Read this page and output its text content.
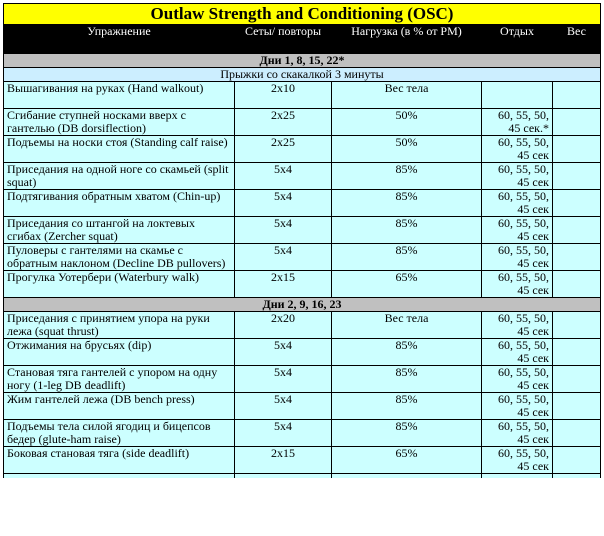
Outlaw Strength and Conditioning (OSC)				
Упражнение	Сеты/ повторы	Нагрузка (в % от РМ)	Отдых	Вес
Дни 1, 8, 15, 22*				
Прыжки со скакалкой 3 минуты				
Вышагивания на руках (Hand walkout)	2x10	Вес тела		
Сгибание ступней носками вверх с гантелью (DB dorsiflection)	2x25	50%	60, 55, 50, 45 сек.*	
Подъемы на носки стоя (Standing calf raise)	2x25	50%	60, 55, 50, 45 сек	
Приседания на одной ноге со скамьей (split squat)	5x4	85%	60, 55, 50, 45 сек	
Подтягивания обратным хватом (Chin-up)	5x4	85%	60, 55, 50, 45 сек	
Приседания со штангой на локтевых сгибах (Zercher squat)	5x4	85%	60, 55, 50, 45 сек	
Пуловеры с гантелями на скамье с обратным наклоном (Decline DB pullovers)	5x4	85%	60, 55, 50, 45 сек	
Прогулка Уотербери (Waterbury walk)	2x15	65%	60, 55, 50, 45 сек	
Дни 2, 9, 16, 23				
Приседания с принятием упора на руки лежа (squat thrust)	2x20	Вес тела	60, 55, 50, 45 сек	
Отжимания на брусьях (dip)	5x4	85%	60, 55, 50, 45 сек	
Становая тяга гантелей с упором на одну ногу (1-leg DB deadlift)	5x4	85%	60, 55, 50, 45 сек	
Жим гантелей лежа (DB bench press)	5x4	85%	60, 55, 50, 45 сек	
Подъемы тела силой ягодиц и бицепсов бедер (glute-ham raise)	5x4	85%	60, 55, 50, 45 сек	
Боковая становая тяга (side deadlift)	2x15	65%	60, 55, 50, 45 сек	
